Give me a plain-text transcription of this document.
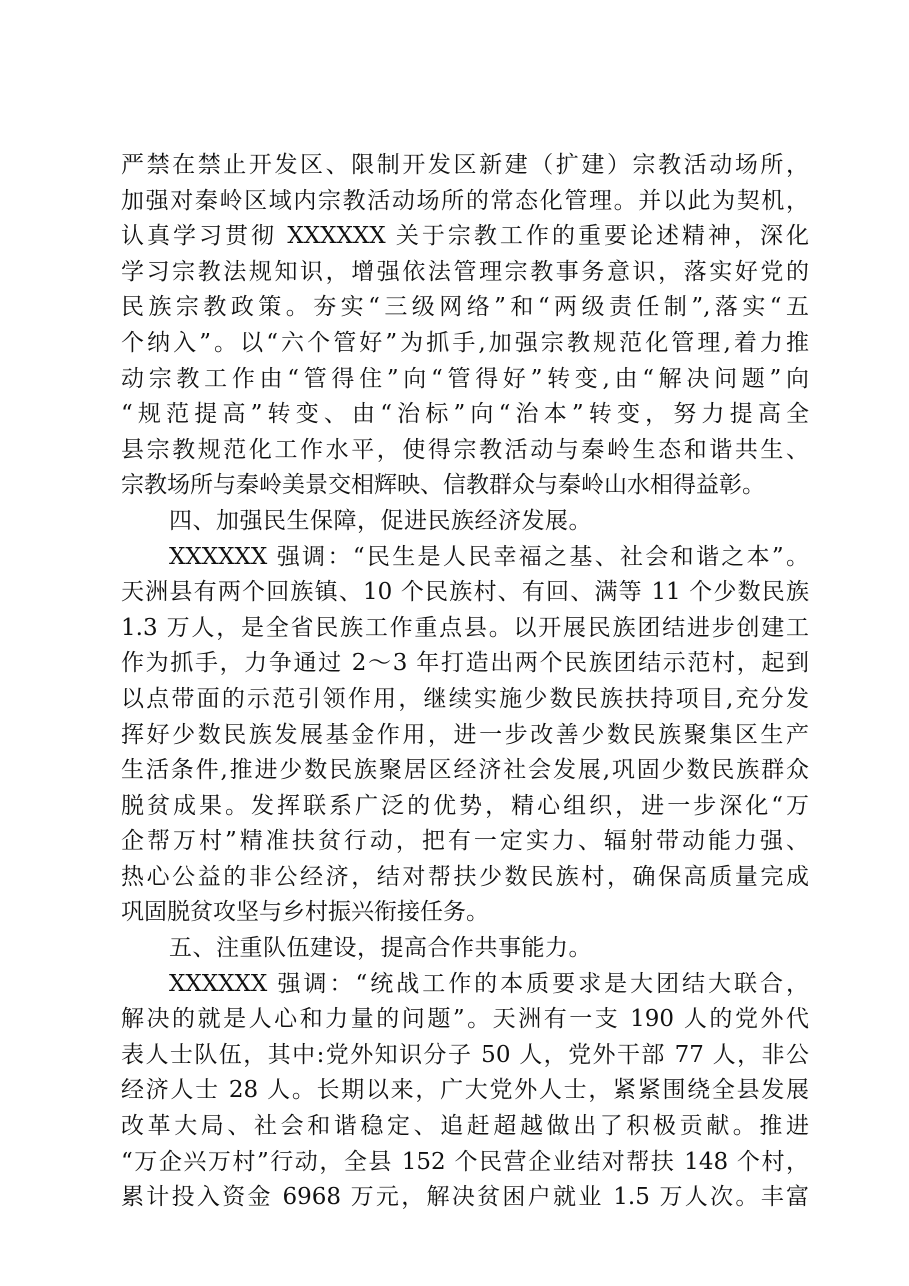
严禁在禁止开发区、限制开发区新建（扩建）宗教活动场所，
加强对秦岭区域内宗教活动场所的常态化管理。并以此为契机，
认真学习贯彻 XXXXXX 关于宗教工作的重要论述精神，深化
学习宗教法规知识，增强依法管理宗教事务意识，落实好党的
民族宗教政策。夯实“三级网络”和“两级责任制”,落实“五
个纳入”。以“六个管好”为抓手,加强宗教规范化管理,着力推
动宗教工作由“管得住”向“管得好”转变,由“解决问题”向
“规范提高”转变、由“治标”向“治本”转变，努力提高全
县宗教规范化工作水平，使得宗教活动与秦岭生态和谐共生、
宗教场所与秦岭美景交相辉映、信教群众与秦岭山水相得益彰。
四、加强民生保障，促进民族经济发展。
XXXXXX 强调：“民生是人民幸福之基、社会和谐之本”。
天洲县有两个回族镇、10 个民族村、有回、满等 11 个少数民族
1.3 万人，是全省民族工作重点县。以开展民族团结进步创建工
作为抓手，力争通过 2～3 年打造出两个民族团结示范村，起到
以点带面的示范引领作用，继续实施少数民族扶持项目,充分发
挥好少数民族发展基金作用，进一步改善少数民族聚集区生产
生活条件,推进少数民族聚居区经济社会发展,巩固少数民族群众
脱贫成果。发挥联系广泛的优势，精心组织，进一步深化“万
企帮万村”精准扶贫行动，把有一定实力、辐射带动能力强、
热心公益的非公经济，结对帮扶少数民族村，确保高质量完成
巩固脱贫攻坚与乡村振兴衔接任务。
五、注重队伍建设，提高合作共事能力。
XXXXXX 强调：“统战工作的本质要求是大团结大联合，
解决的就是人心和力量的问题”。天洲有一支 190 人的党外代
表人士队伍，其中:党外知识分子 50 人，党外干部 77 人，非公
经济人士 28 人。长期以来，广大党外人士，紧紧围绕全县发展
改革大局、社会和谐稳定、追赶超越做出了积极贡献。推进
“万企兴万村”行动，全县 152 个民营企业结对帮扶 148 个村，
累计投入资金 6968 万元，解决贫困户就业 1.5 万人次。丰富
